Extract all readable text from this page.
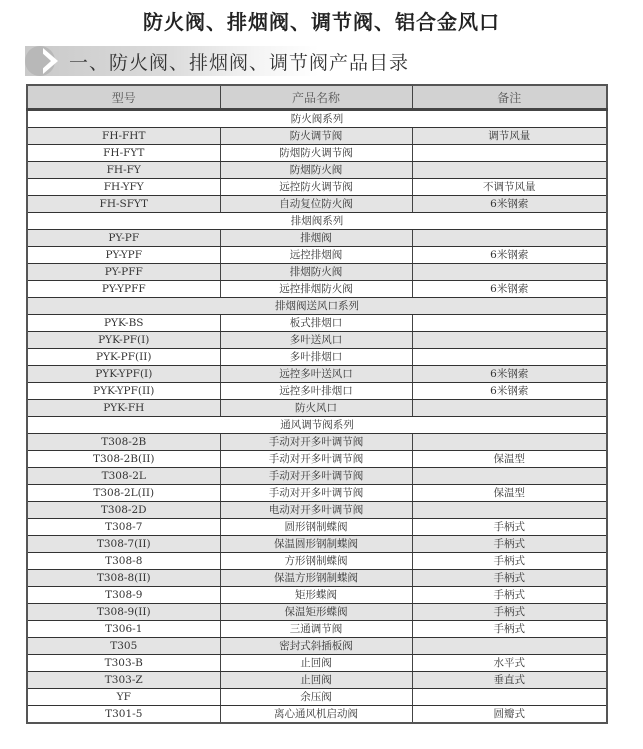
防火阀、排烟阀、调节阀、铝合金风口
一、防火阀、排烟阀、调节阀产品目录
型号	产品名称	备注
防火阀系列		
FH-FHT	防火调节阀	调节风量
FH-FYT	防烟防火调节阀	
FH-FY	防烟防火阀	
FH-YFY	远控防火调节阀	不调节风量
FH-SFYT	自动复位防火阀	6米钢索
排烟阀系列		
PY-PF	排烟阀	
PY-YPF	远控排烟阀	6米钢索
PY-PFF	排烟防火阀	
PY-YPFF	远控排烟防火阀	6米钢索
排烟阀送风口系列		
PYK-BS	板式排烟口	
PYK-PF(I)	多叶送风口	
PYK-PF(II)	多叶排烟口	
PYK-YPF(I)	远控多叶送风口	6米钢索
PYK-YPF(II)	远控多叶排烟口	6米钢索
PYK-FH	防火风口	
通风调节阀系列		
T308-2B	手动对开多叶调节阀	
T308-2B(II)	手动对开多叶调节阀	保温型
T308-2L	手动对开多叶调节阀	
T308-2L(II)	手动对开多叶调节阀	保温型
T308-2D	电动对开多叶调节阀	
T308-7	圆形钢制蝶阀	手柄式
T308-7(II)	保温圆形钢制蝶阀	手柄式
T308-8	方形钢制蝶阀	手柄式
T308-8(II)	保温方形钢制蝶阀	手柄式
T308-9	矩形蝶阀	手柄式
T308-9(II)	保温矩形蝶阀	手柄式
T306-1	三通调节阀	手柄式
T305	密封式斜插板阀	
T303-B	止回阀	水平式
T303-Z	止回阀	垂直式
YF	余压阀	
T301-5	离心通风机启动阀	圆瓣式
